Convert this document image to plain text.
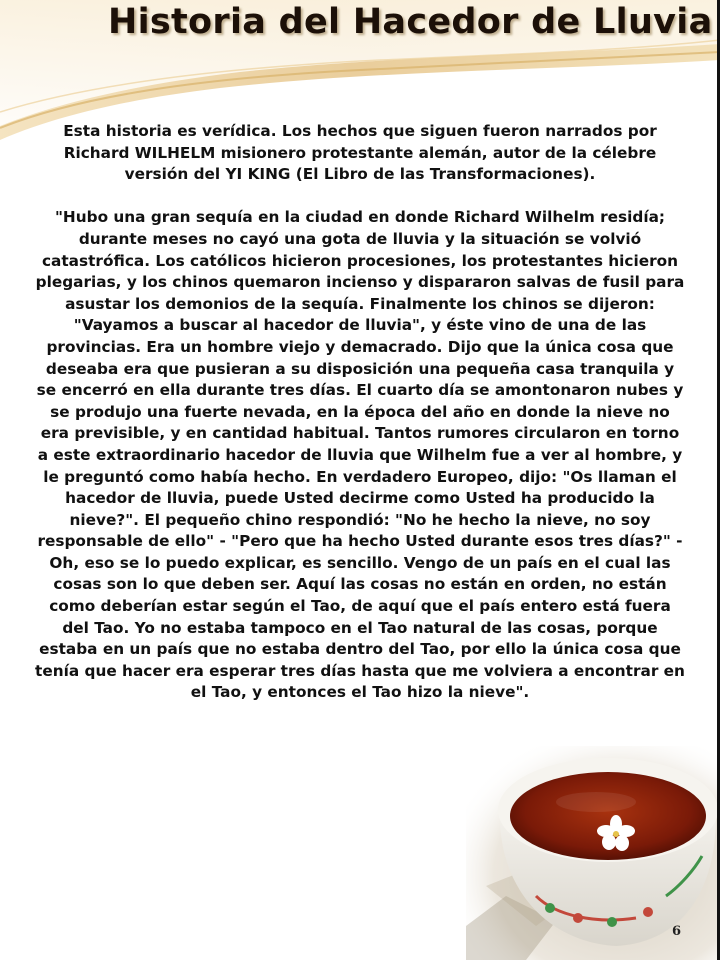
Historia del Hacedor de Lluvia

Esta historia es verídica. Los hechos que siguen fueron narrados por Richard WILHELM misionero protestante alemán, autor de la célebre versión del YI KING (El Libro de las Transformaciones).

"Hubo una gran sequía en la ciudad en donde Richard Wilhelm residía; durante meses no cayó una gota de lluvia y la situación se volvió catastrófica. Los católicos hicieron procesiones, los protestantes hicieron plegarias, y los chinos quemaron incienso y dispararon salvas de fusil para asustar los demonios de la sequía. Finalmente los chinos se dijeron: "Vayamos a buscar al hacedor de lluvia", y éste vino de una de las provincias. Era un hombre viejo y demacrado. Dijo que la única cosa que deseaba era que pusieran a su disposición una pequeña casa tranquila y se encerró en ella durante tres días. El cuarto día se amontonaron nubes y se produjo una fuerte nevada, en la época del año en donde la nieve no era previsible, y en cantidad habitual. Tantos rumores circularon en torno a este extraordinario hacedor de lluvia que Wilhelm fue a ver al hombre, y le preguntó como había hecho. En verdadero Europeo, dijo: "Os llaman el hacedor de lluvia, puede Usted decirme como Usted ha producido la nieve?". El pequeño chino respondió: "No he hecho la nieve, no soy responsable de ello" - "Pero que ha hecho Usted durante esos tres días?" - Oh, eso se lo puedo explicar, es sencillo. Vengo de un país en el cual las cosas son lo que deben ser. Aquí las cosas no están en orden, no están como deberían estar según el Tao, de aquí que el país entero está fuera del Tao. Yo no estaba tampoco en el Tao natural de las cosas, porque estaba en un país que no estaba dentro del Tao, por ello la única cosa que tenía que hacer era esperar tres días hasta que me volviera a encontrar en el Tao, y entonces el Tao hizo la nieve".

6
